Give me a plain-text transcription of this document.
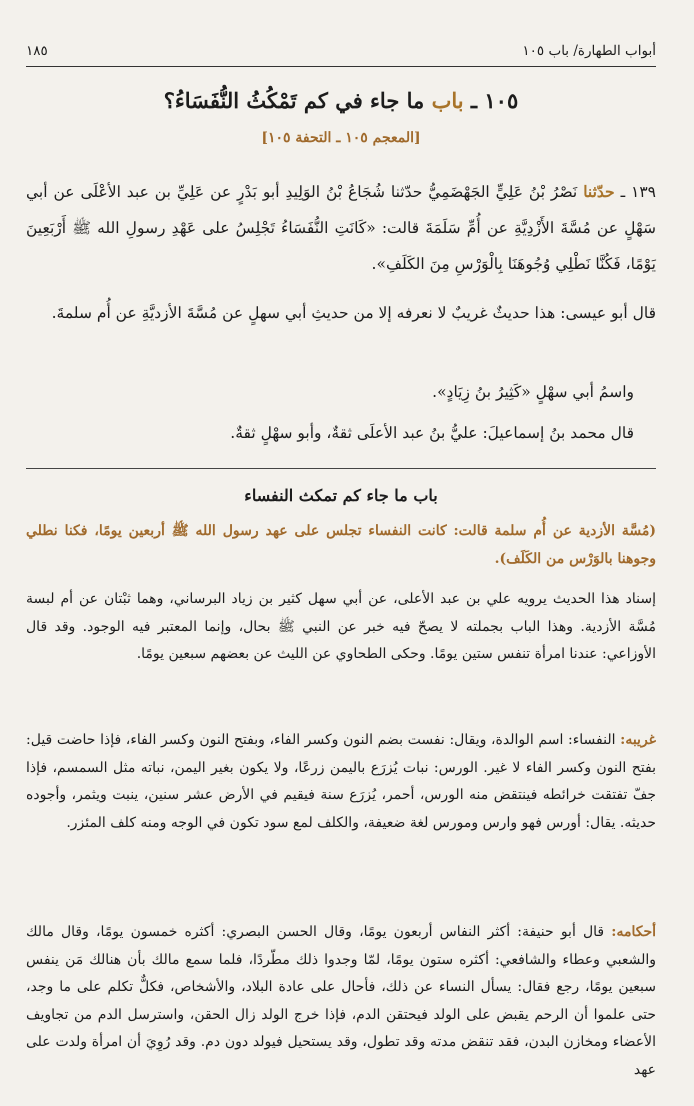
أبواب الطهارة/ باب ١٠٥
١٨٥
١٠٥ ـ باب ما جاء في كم تَمْكُثُ النُّفَسَاءُ؟
[المعجم ١٠٥ ـ التحفة ١٠٥]
١٣٩ ـ حدّثنا نَصْرُ بْنُ عَلِيٍّ الجَهْضَمِيُّ حدّثنا شُجَاعُ بْنُ الوَلِيدِ أبو بَدْرٍ عن عَلِيِّ بن عبد الأعْلَى عن أبي سَهْلٍ عن مُسَّةَ الأَزْدِيَّةِ عن أُمِّ سَلَمَةَ قالت: «كَانَتِ النُّفَسَاءُ تَجْلِسُ على عَهْدِ رسولِ الله ﷺ أَرْبَعِينَ يَوْمًا، فَكُنَّا نَطْلِي وُجُوهَنَا بِالْوَرْسِ مِنَ الكَلَفِ».
قال أبو عيسى: هذا حديثٌ غريبٌ لا نعرفه إلا من حديثِ أبي سهلٍ عن مُسَّةَ الأزديَّةِ عن أُم سلمةَ.
واسمُ أبي سهْلٍ «كَثِيرُ بنُ زِيَادٍ».
قال محمد بنُ إسماعيلَ: عليُّ بنُ عبد الأعلَى ثقةٌ، وأبو سهْلٍ ثقةٌ.
باب ما جاء كم تمكث النفساء
(مُسَّة الأزدية عن أُم سلمة قالت: كانت النفساء تجلس على عهد رسول الله ﷺ أربعين يومًا، فكنا نطلي وجوهنا بالوَرْس من الكَلَف).
إسناد هذا الحديث يرويه علي بن عبد الأعلى، عن أبي سهل كثير بن زياد البرساني، وهما ثبْتان عن أم لبسة مُسَّة الأزدية. وهذا الباب بجملته لا يصحّ فيه خبر عن النبي ﷺ بحال، وإنما المعتبر فيه الوجود. وقد قال الأوزاعي: عندنا امرأة تنفس ستين يومًا. وحكى الطحاوي عن الليث عن بعضهم سبعين يومًا.
غريبه: النفساء: اسم الوالدة، ويقال: نفست بضم النون وكسر الفاء، وبفتح النون وكسر الفاء، فإذا حاضت قيل: بفتح النون وكسر الفاء لا غير. الورس: نبات يُزرَع باليمن زرعًا، ولا يكون بغير اليمن، نباته مثل السمسم، فإذا جفّ تفتقت خرائطه فينتقض منه الورس، أحمر، يُزرَع سنة فيقيم في الأرض عشر سنين، ينبت ويثمر، وأجوده حديثه. يقال: أورس فهو وارس ومورس لغة ضعيفة، والكلف لمع سود تكون في الوجه ومنه كلف المئزر.
أحكامه: قال أبو حنيفة: أكثر النفاس أربعون يومًا، وقال الحسن البصري: أكثره خمسون يومًا، وقال مالك والشعبي وعطاء والشافعي: أكثره ستون يومًا، لمّا وجدوا ذلك مطّردًا، فلما سمع مالك بأن هنالك مَن ينفس سبعين يومًا، رجع فقال: يسأل النساء عن ذلك، فأحال على عادة البلاد، والأشخاص، فكلٌّ تكلم على ما وجد، حتى علموا أن الرحم يقبض على الولد فيحتقن الدم، فإذا خرج الولد زال الحقن، واسترسل الدم من تجاويف الأعضاء ومخازن البدن، فقد تنقض مدته وقد تطول، وقد يستحيل فيولد دون دم. وقد رُوِيَ أن امرأة ولدت على عهد
